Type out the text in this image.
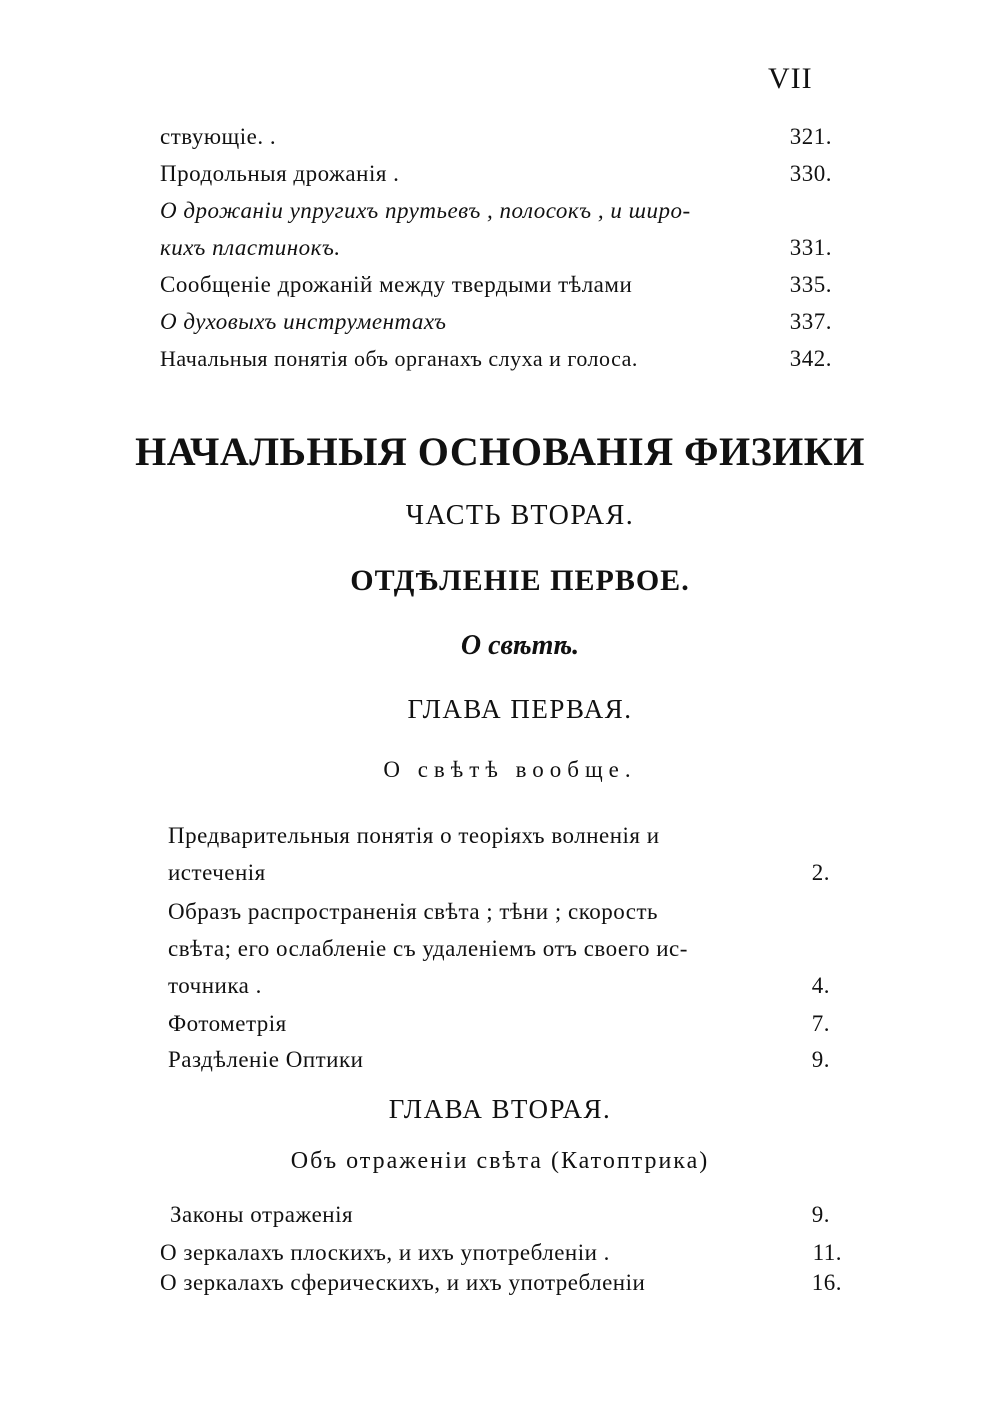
VII
ствующіе. .	321.
Продольныя дрожанія .	330.
О дрожаніи упругихъ прутьевъ , полосокъ , и широ-
кихъ пластинокъ.	331.
Сообщеніе дрожаній между твердыми тѣлами	335.
О духовыхъ инструментахъ	337.
Начальныя понятія объ органахъ слуха и голоса.	342.
НАЧАЛЬНЫЯ ОСНОВАНІЯ ФИЗИКИ
ЧАСТЬ ВТОРАЯ.
ОТДѢЛЕНІЕ ПЕРВОЕ.
О свѣтѣ.
ГЛАВА ПЕРВАЯ.
О свѣтѣ вообще.
Предварительныя понятія о теоріяхъ волненія и
истеченія	2.
Образъ распространенія свѣта ; тѣни ; скорость
свѣта; его ослабленіе съ удаленіемъ отъ своего ис-
точника .	4.
Фотометрія	7.
Раздѣленіе Оптики	9.
ГЛАВА ВТОРАЯ.
Объ отраженіи свѣта (Катоптрика)
Законы отраженія	9.
О зеркалахъ плоскихъ, и ихъ употребленіи .	11.
О зеркалахъ сферическихъ, и ихъ употребленіи	16.
